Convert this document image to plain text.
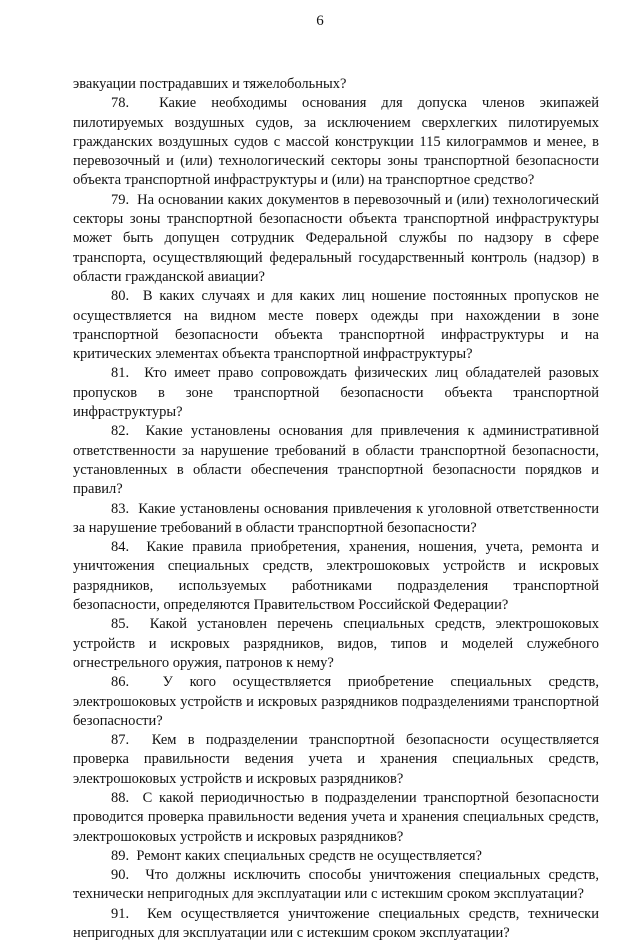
6

эвакуации пострадавших и тяжелобольных?

78.  Какие необходимы основания для допуска членов экипажей пилотируемых воздушных судов, за исключением сверхлегких пилотируемых гражданских воздушных судов с массой конструкции 115 килограммов и менее, в перевозочный и (или) технологический секторы зоны транспортной безопасности объекта транспортной инфраструктуры и (или) на транспортное средство?

79.  На основании каких документов в перевозочный и (или) технологический секторы зоны транспортной безопасности объекта транспортной инфраструктуры может быть допущен сотрудник Федеральной службы по надзору в сфере транспорта, осуществляющий федеральный государственный контроль (надзор) в области гражданской авиации?

80.  В каких случаях и для каких лиц ношение постоянных пропусков не осуществляется на видном месте поверх одежды при нахождении в зоне транспортной безопасности объекта транспортной инфраструктуры и на критических элементах объекта транспортной инфраструктуры?

81.  Кто имеет право сопровождать физических лиц обладателей разовых пропусков в зоне транспортной безопасности объекта транспортной инфраструктуры?

82.  Какие установлены основания для привлечения к административной ответственности за нарушение требований в области транспортной безопасности, установленных в области обеспечения транспортной безопасности порядков и правил?

83.  Какие установлены основания привлечения к уголовной ответственности за нарушение требований в области транспортной безопасности?

84.  Какие правила приобретения, хранения, ношения, учета, ремонта и уничтожения специальных средств, электрошоковых устройств и искровых разрядников, используемых работниками подразделения транспортной безопасности, определяются Правительством Российской Федерации?

85.  Какой установлен перечень специальных средств, электрошоковых устройств и искровых разрядников, видов, типов и моделей служебного огнестрельного оружия, патронов к нему?

86.  У кого осуществляется приобретение специальных средств, электрошоковых устройств и искровых разрядников подразделениями транспортной безопасности?

87.  Кем в подразделении транспортной безопасности осуществляется проверка правильности ведения учета и хранения специальных средств, электрошоковых устройств и искровых разрядников?

88.  С какой периодичностью в подразделении транспортной безопасности проводится проверка правильности ведения учета и хранения специальных средств, электрошоковых устройств и искровых разрядников?

89.  Ремонт каких специальных средств не осуществляется?

90.  Что должны исключить способы уничтожения специальных средств, технически непригодных для эксплуатации или с истекшим сроком эксплуатации?

91.  Кем осуществляется уничтожение специальных средств, технически непригодных для эксплуатации или с истекшим сроком эксплуатации?
